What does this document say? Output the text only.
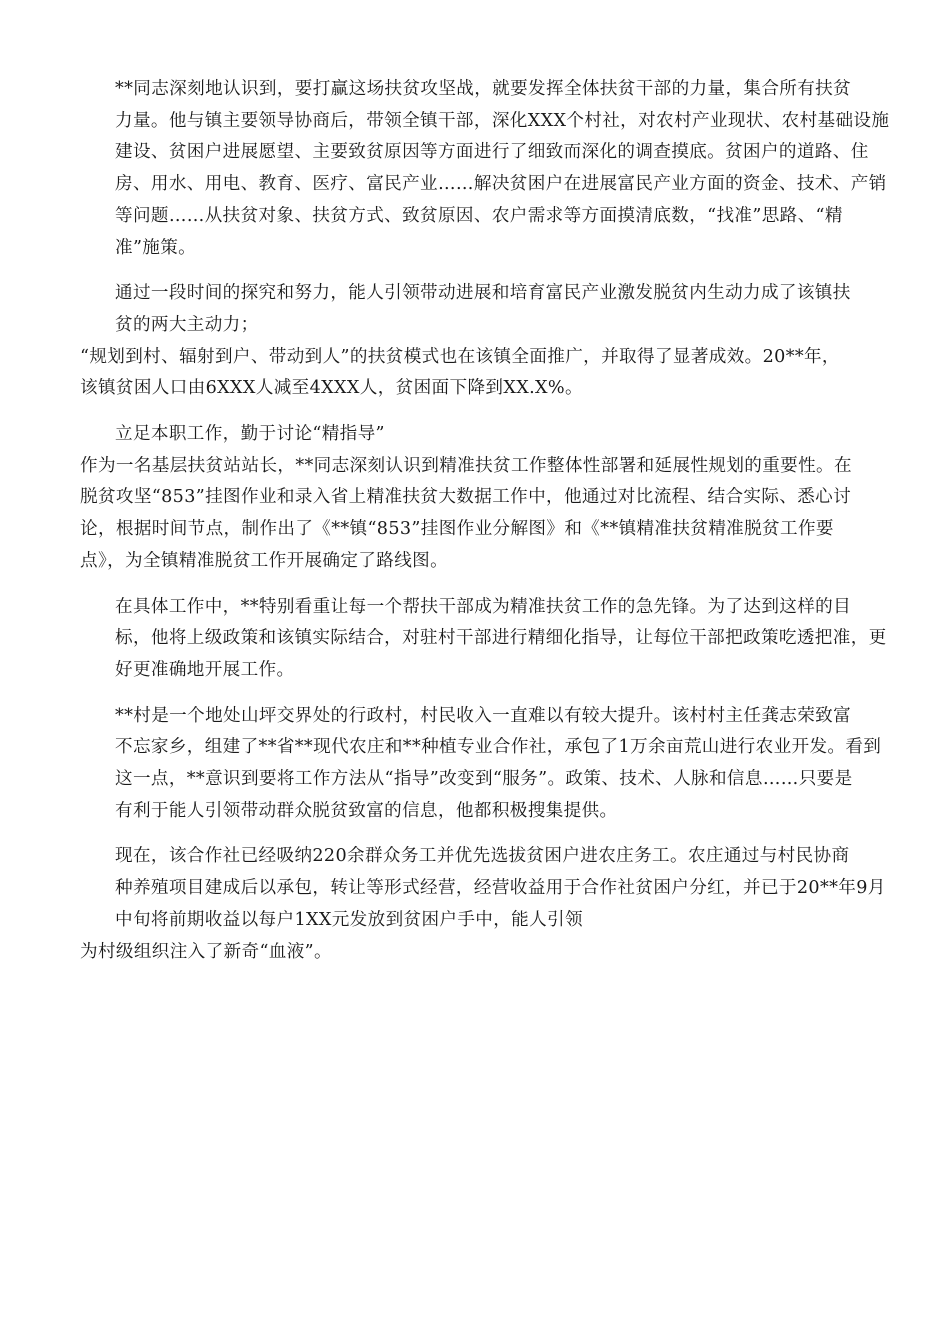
**同志深刻地认识到，要打赢这场扶贫攻坚战，就要发挥全体扶贫干部的力量，集合所有扶贫
力量。他与镇主要领导协商后，带领全镇干部，深化XXX个村社，对农村产业现状、农村基础设施
建设、贫困户进展愿望、主要致贫原因等方面进行了细致而深化的调查摸底。贫困户的道路、住
房、用水、用电、教育、医疗、富民产业……解决贫困户在进展富民产业方面的资金、技术、产销
等问题……从扶贫对象、扶贫方式、致贫原因、农户需求等方面摸清底数，“找准”思路、“精
准”施策。

通过一段时间的探究和努力，能人引领带动进展和培育富民产业激发脱贫内生动力成了该镇扶
贫的两大主动力；

“规划到村、辐射到户、带动到人”的扶贫模式也在该镇全面推广，并取得了显著成效。20**年，
该镇贫困人口由6XXX人减至4XXX人，贫困面下降到XX.X%。

立足本职工作，勤于讨论“精指导”

作为一名基层扶贫站站长，**同志深刻认识到精准扶贫工作整体性部署和延展性规划的重要性。在
脱贫攻坚“853”挂图作业和录入省上精准扶贫大数据工作中，他通过对比流程、结合实际、悉心讨
论，根据时间节点，制作出了《**镇“853”挂图作业分解图》和《**镇精准扶贫精准脱贫工作要
点》，为全镇精准脱贫工作开展确定了路线图。

在具体工作中，**特别看重让每一个帮扶干部成为精准扶贫工作的急先锋。为了达到这样的目
标，他将上级政策和该镇实际结合，对驻村干部进行精细化指导，让每位干部把政策吃透把准，更
好更准确地开展工作。

**村是一个地处山坪交界处的行政村，村民收入一直难以有较大提升。该村村主任龚志荣致富
不忘家乡，组建了**省**现代农庄和**种植专业合作社，承包了1万余亩荒山进行农业开发。看到
这一点，**意识到要将工作方法从“指导”改变到“服务”。政策、技术、人脉和信息……只要是
有利于能人引领带动群众脱贫致富的信息，他都积极搜集提供。

现在，该合作社已经吸纳220余群众务工并优先选拔贫困户进农庄务工。农庄通过与村民协商
种养殖项目建成后以承包，转让等形式经营，经营收益用于合作社贫困户分红，并已于20**年9月
中旬将前期收益以每户1XX元发放到贫困户手中，能人引领

为村级组织注入了新奇“血液”。
